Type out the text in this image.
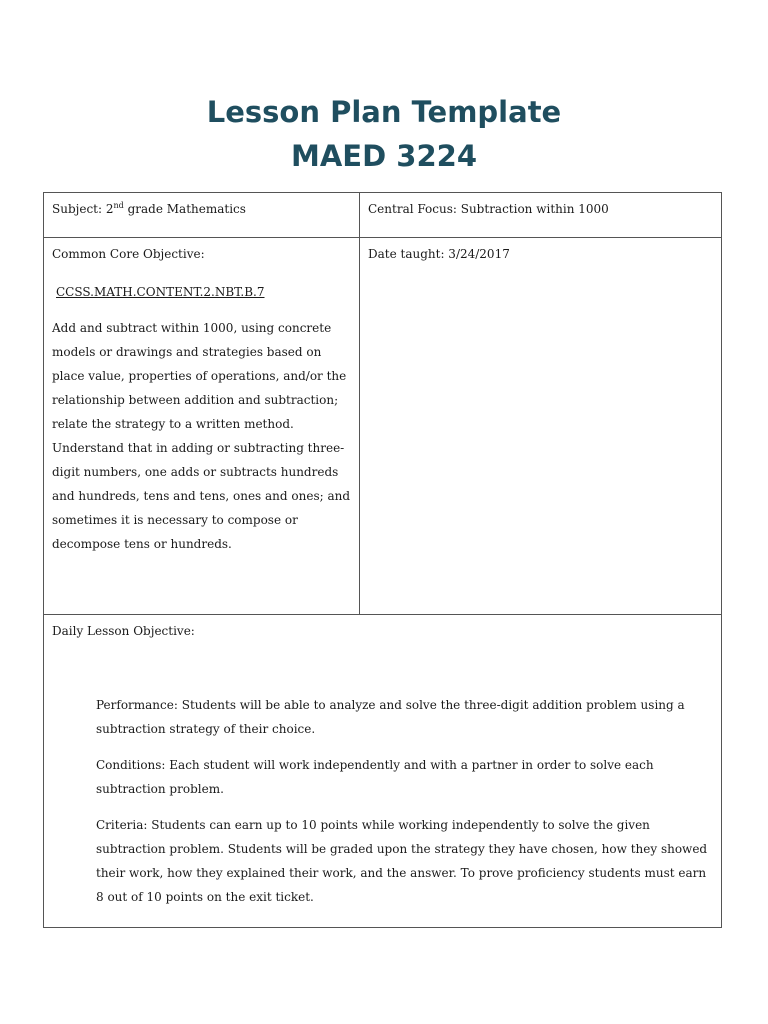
Lesson Plan Template
MAED 3224
Subject: 2nd grade Mathematics	Central Focus: Subtraction within 1000

Common Core Objective:
CCSS.MATH.CONTENT.2.NBT.B.7

Add and subtract within 1000, using concrete models or drawings and strategies based on place value, properties of operations, and/or the relationship between addition and subtraction; relate the strategy to a written method. Understand that in adding or subtracting three-digit numbers, one adds or subtracts hundreds and hundreds, tens and tens, ones and ones; and sometimes it is necessary to compose or decompose tens or hundreds.	Date taught: 3/24/2017

Daily Lesson Objective:

Performance: Students will be able to analyze and solve the three-digit addition problem using a subtraction strategy of their choice.

Conditions: Each student will work independently and with a partner in order to solve each subtraction problem.

Criteria: Students can earn up to 10 points while working independently to solve the given subtraction problem. Students will be graded upon the strategy they have chosen, how they showed their work, how they explained their work, and the answer. To prove proficiency students must earn 8 out of 10 points on the exit ticket.	
